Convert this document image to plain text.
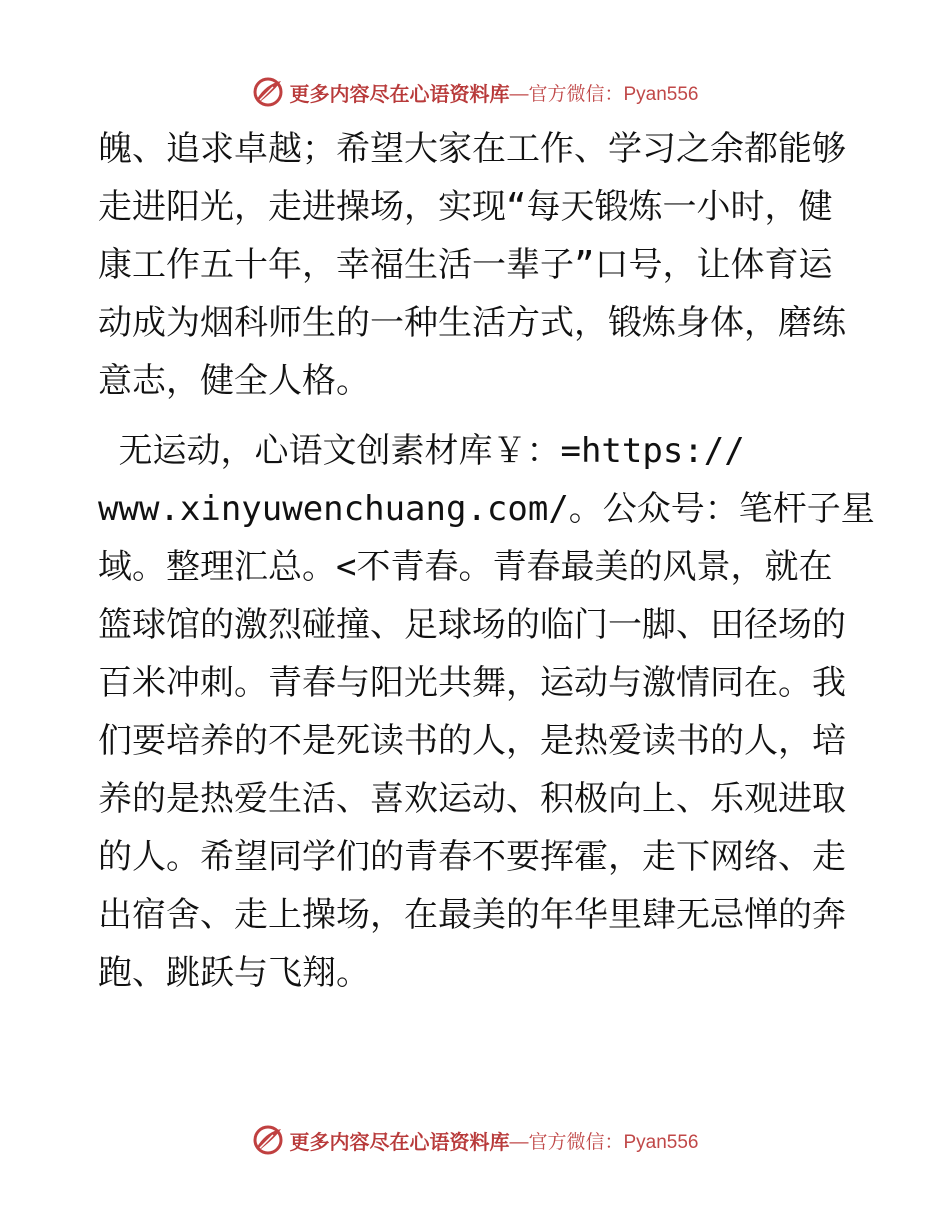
更多内容尽在心语资料库 —官方微信：Pyan556
魄、追求卓越；希望大家在工作、学习之余都能够
走进阳光，走进操场，实现“每天锻炼一小时，健
康工作五十年，幸福生活一辈子”口号，让体育运
动成为烟科师生的一种生活方式，锻炼身体，磨练
意志，健全人格。
无运动，心语文创素材库￥：=https://
www.xinyuwenchuang.com/。公众号：笔杆子星
域。整理汇总。<不青春。青春最美的风景，就在
篮球馆的激烈碰撞、足球场的临门一脚、田径场的
百米冲刺。青春与阳光共舞，运动与激情同在。我
们要培养的不是死读书的人，是热爱读书的人，培
养的是热爱生活、喜欢运动、积极向上、乐观进取
的人。希望同学们的青春不要挥霍，走下网络、走
出宿舍、走上操场，在最美的年华里肆无忌惮的奔
跑、跳跃与飞翔。
更多内容尽在心语资料库 —官方微信：Pyan556
